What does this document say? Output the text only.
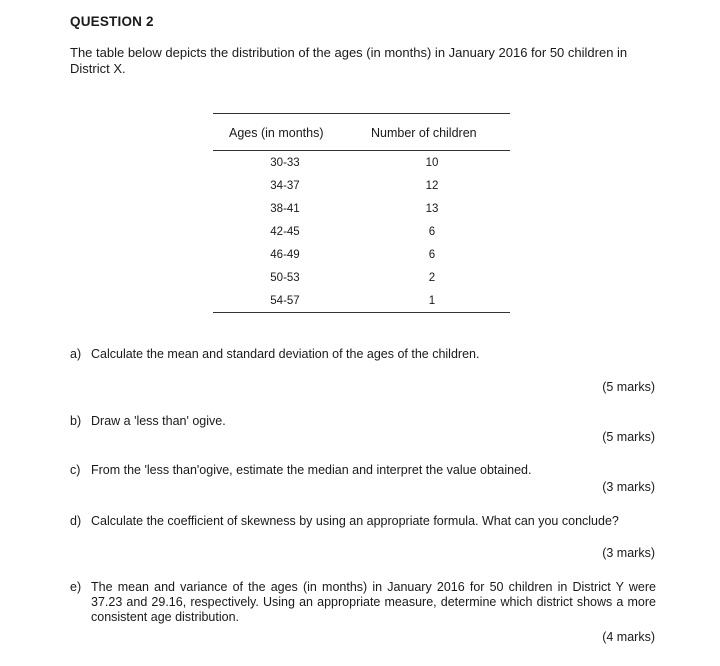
QUESTION 2
The table below depicts the distribution of the ages (in months) in January 2016 for 50 children in District X.
Ages (in months)	Number of children
30-33	10
34-37	12
38-41	13
42-45	6
46-49	6
50-53	2
54-57	1
a) Calculate the mean and standard deviation of the ages of the children.
(5 marks)
b) Draw a 'less than' ogive.
(5 marks)
c) From the 'less than'ogive, estimate the median and interpret the value obtained.
(3 marks)
d) Calculate the coefficient of skewness by using an appropriate formula. What can you conclude?
(3 marks)
e) The mean and variance of the ages (in months) in January 2016 for 50 children in District Y were 37.23 and 29.16, respectively. Using an appropriate measure, determine which district shows a more consistent age distribution.
(4 marks)
